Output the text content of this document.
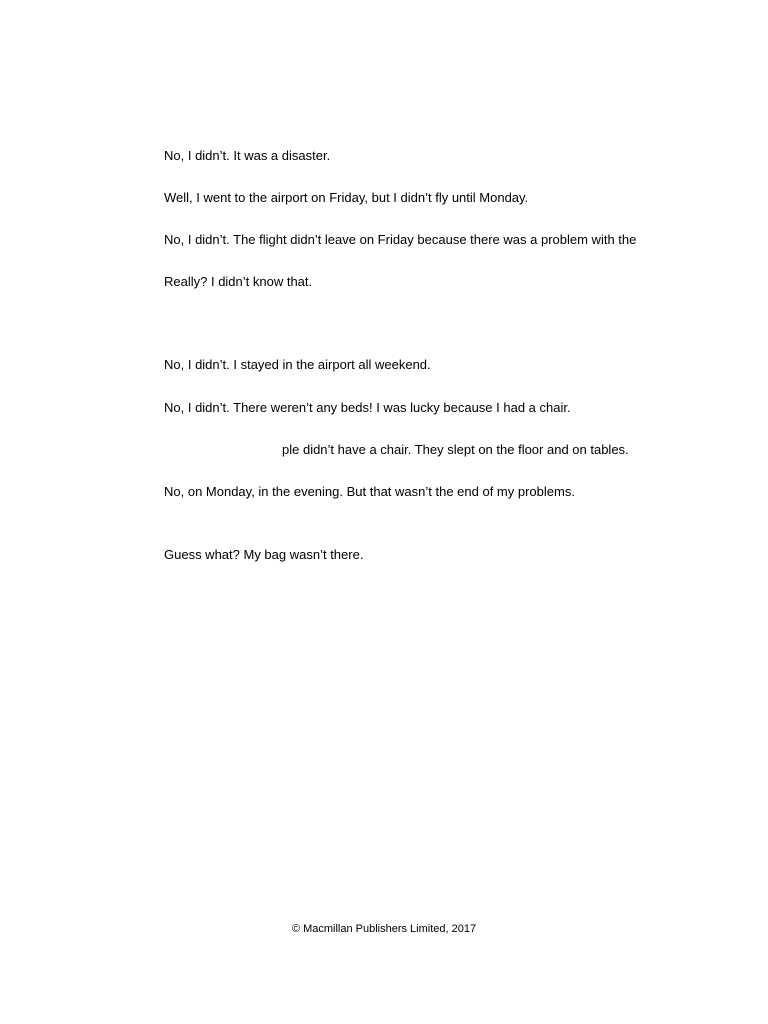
No, I didn’t. It was a disaster.
Well, I went to the airport on Friday, but I didn’t fly until Monday.
No, I didn’t. The flight didn’t leave on Friday because there was a problem with the
Really? I didn’t know that.
No, I didn’t. I stayed in the airport all weekend.
No, I didn’t. There weren’t any beds! I was lucky because I had a chair.
ple didn’t have a chair. They slept on the floor and on tables.
No, on Monday, in the evening. But that wasn’t the end of my problems.
Guess what? My bag wasn’t there.
© Macmillan Publishers Limited, 2017
